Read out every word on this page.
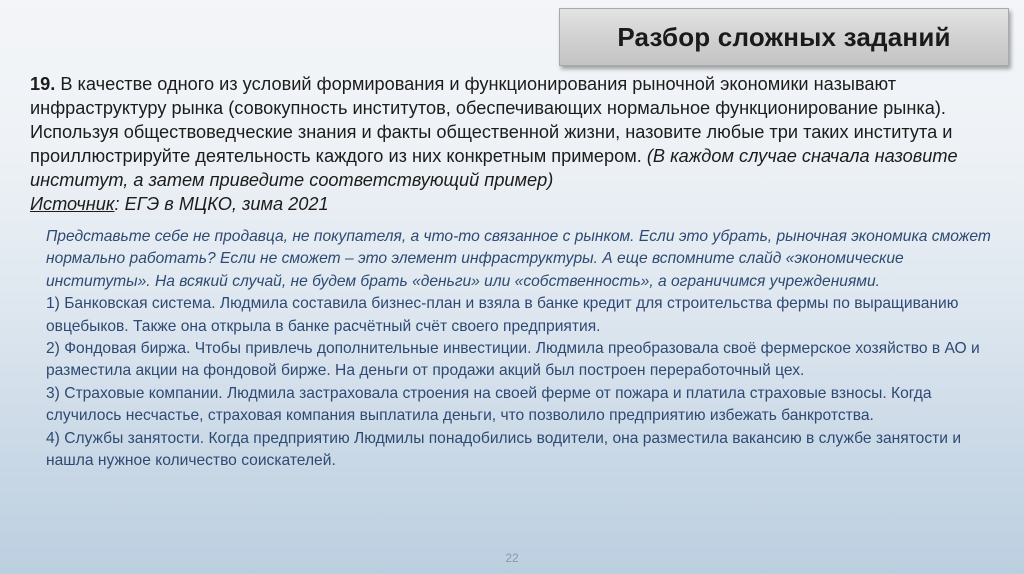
Разбор сложных заданий

19. В качестве одного из условий формирования и функционирования рыночной экономики называют инфраструктуру рынка (совокупность институтов, обеспечивающих нормальное функционирование рынка). Используя обществоведческие знания и факты общественной жизни, назовите любые три таких института и проиллюстрируйте деятельность каждого из них конкретным примером. (В каждом случае сначала назовите институт, а затем приведите соответствующий пример)

Источник: ЕГЭ в МЦКО, зима 2021

Представьте себе не продавца, не покупателя, а что-то связанное с рынком. Если это убрать, рыночная экономика сможет нормально работать? Если не сможет – это элемент инфраструктуры. А еще вспомните слайд «экономические институты». На всякий случай, не будем брать «деньги» или «собственность», а ограничимся учреждениями.

1) Банковская система. Людмила составила бизнес-план и взяла в банке кредит для строительства фермы по выращиванию овцебыков. Также она открыла в банке расчётный счёт своего предприятия.

2) Фондовая биржа. Чтобы привлечь дополнительные инвестиции. Людмила преобразовала своё фермерское хозяйство в АО и разместила акции на фондовой бирже. На деньги от продажи акций был построен переработочный цех.

3) Страховые компании. Людмила застраховала строения на своей ферме от пожара и платила страховые взносы. Когда случилось несчастье, страховая компания выплатила деньги, что позволило предприятию избежать банкротства.

4) Службы занятости. Когда предприятию Людмилы понадобились водители, она разместила вакансию в службе занятости и нашла нужное количество соискателей.

22
